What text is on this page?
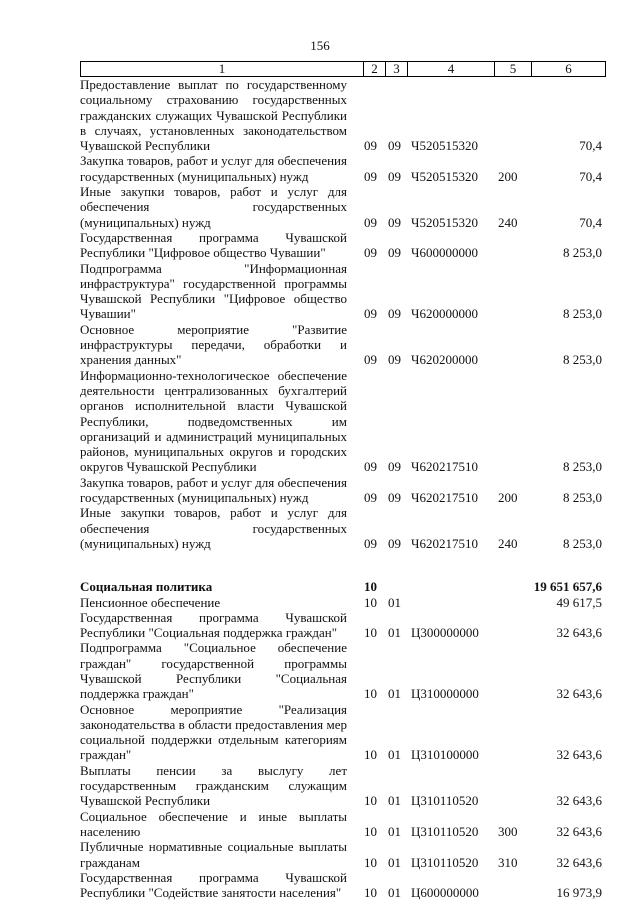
156
1	2	3	4	5	6
Предоставление выплат по государственному социальному страхованию государственных гражданских служащих Чувашской Республики в случаях, установленных законодательством Чувашской Республики	09 09 Ч520515320	70,4
Закупка товаров, работ и услуг для обеспечения государственных (муниципальных) нужд	09 09 Ч520515320	200	70,4
Иные закупки товаров, работ и услуг для обеспечения государственных (муниципальных) нужд	09 09 Ч520515320	240	70,4
Государственная программа Чувашской Республики "Цифровое общество Чувашии"	09 09 Ч600000000	8 253,0
Подпрограмма "Информационная инфраструктура" государственной программы Чувашской Республики "Цифровое общество Чувашии"	09 09 Ч620000000	8 253,0
Основное мероприятие "Развитие инфраструктуры передачи, обработки и хранения данных"	09 09 Ч620200000	8 253,0
Информационно-технологическое обеспечение деятельности централизованных бухгалтерий органов исполнительной власти Чувашской Республики, подведомственных им организаций и администраций муниципальных районов, муниципальных округов и городских округов Чувашской Республики	09 09 Ч620217510	8 253,0
Закупка товаров, работ и услуг для обеспечения государственных (муниципальных) нужд	09 09 Ч620217510	200	8 253,0
Иные закупки товаров, работ и услуг для обеспечения государственных (муниципальных) нужд	09 09 Ч620217510	240	8 253,0
Социальная политика	10	19 651 657,6
Пенсионное обеспечение	10 01	49 617,5
Государственная программа Чувашской Республики "Социальная поддержка граждан"	10 01 Ц300000000	32 643,6
Подпрограмма "Социальное обеспечение граждан" государственной программы Чувашской Республики "Социальная поддержка граждан"	10 01 Ц310000000	32 643,6
Основное мероприятие "Реализация законодательства в области предоставления мер социальной поддержки отдельным категориям граждан"	10 01 Ц310100000	32 643,6
Выплаты пенсии за выслугу лет государственным гражданским служащим Чувашской Республики	10 01 Ц310110520	32 643,6
Социальное обеспечение и иные выплаты населению	10 01 Ц310110520	300	32 643,6
Публичные нормативные социальные выплаты гражданам	10 01 Ц310110520	310	32 643,6
Государственная программа Чувашской Республики "Содействие занятости населения"	10 01 Ц600000000	16 973,9
